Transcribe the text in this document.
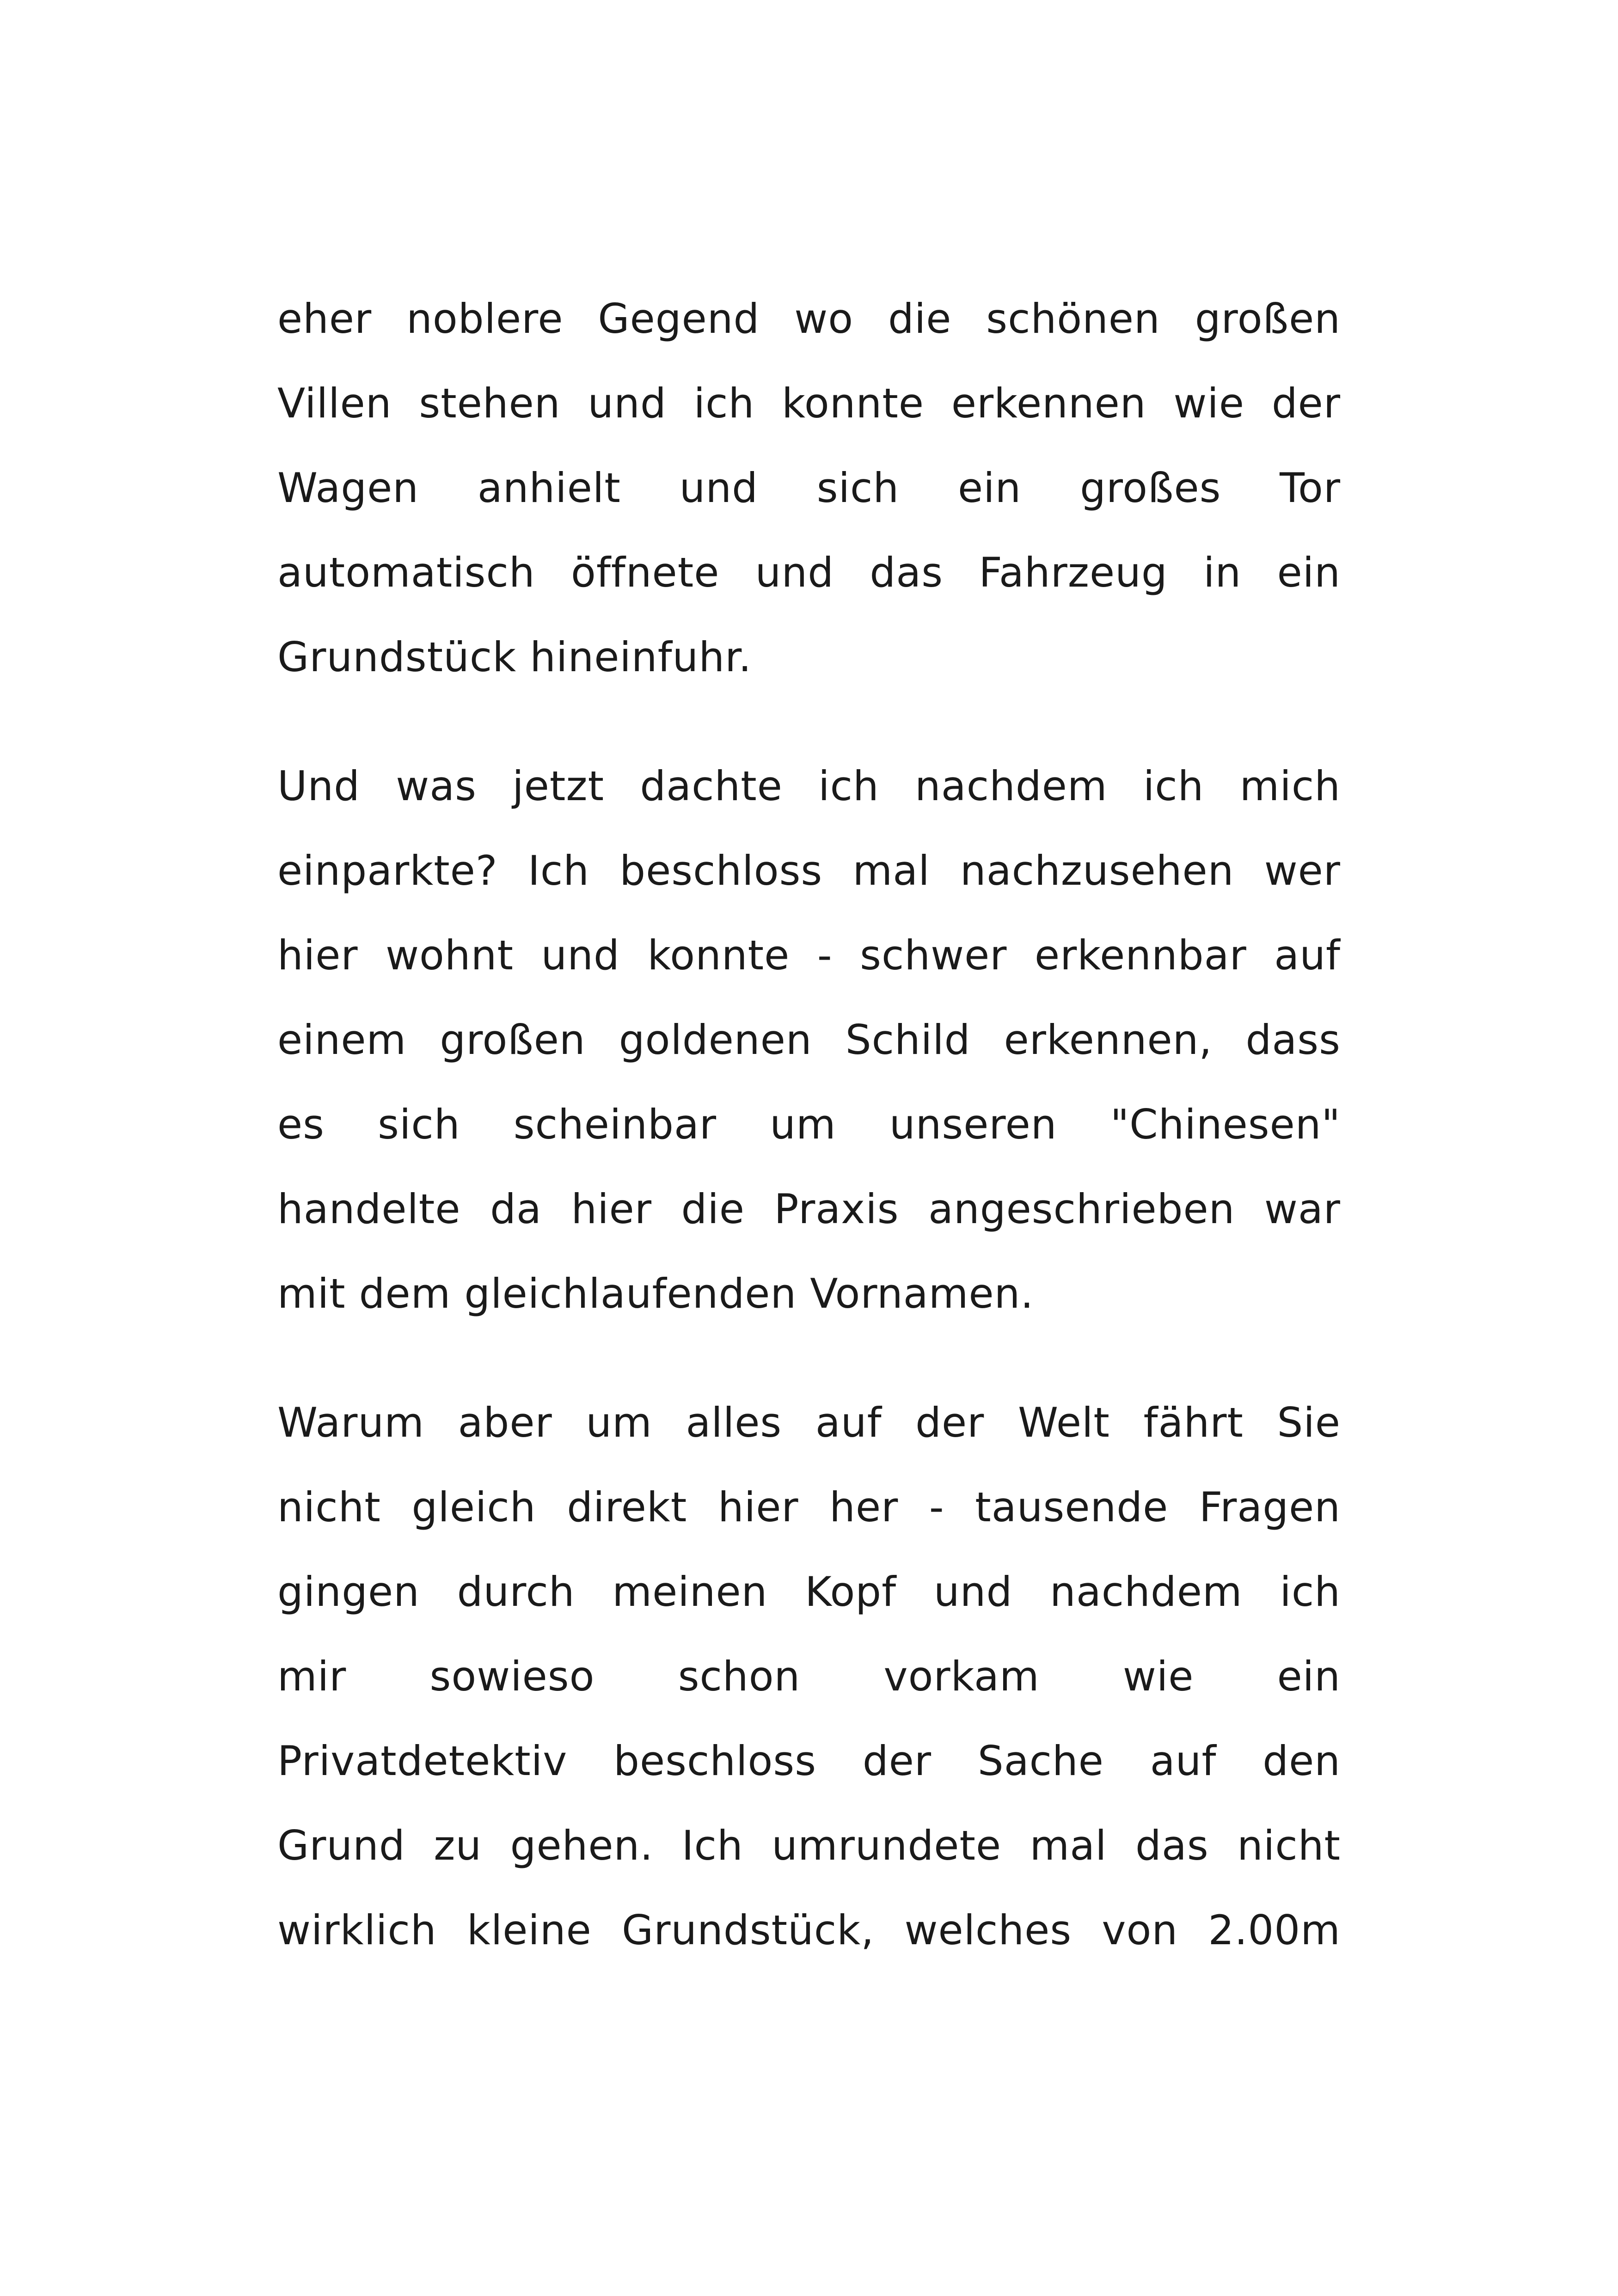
eher noblere Gegend wo die schönen großen
Villen stehen und ich konnte erkennen wie der
Wagen anhielt und sich ein großes Tor
automatisch öffnete und das Fahrzeug in ein
Grundstück hineinfuhr.

Und was jetzt dachte ich nachdem ich mich
einparkte? Ich beschloss mal nachzusehen wer
hier wohnt und konnte - schwer erkennbar auf
einem großen goldenen Schild erkennen, dass
es sich scheinbar um unseren "Chinesen"
handelte da hier die Praxis angeschrieben war
mit dem gleichlaufenden Vornamen.

Warum aber um alles auf der Welt fährt Sie
nicht gleich direkt hier her - tausende Fragen
gingen durch meinen Kopf und nachdem ich
mir sowieso schon vorkam wie ein
Privatdetektiv beschloss der Sache auf den
Grund zu gehen. Ich umrundete mal das nicht
wirklich kleine Grundstück, welches von 2.00m
